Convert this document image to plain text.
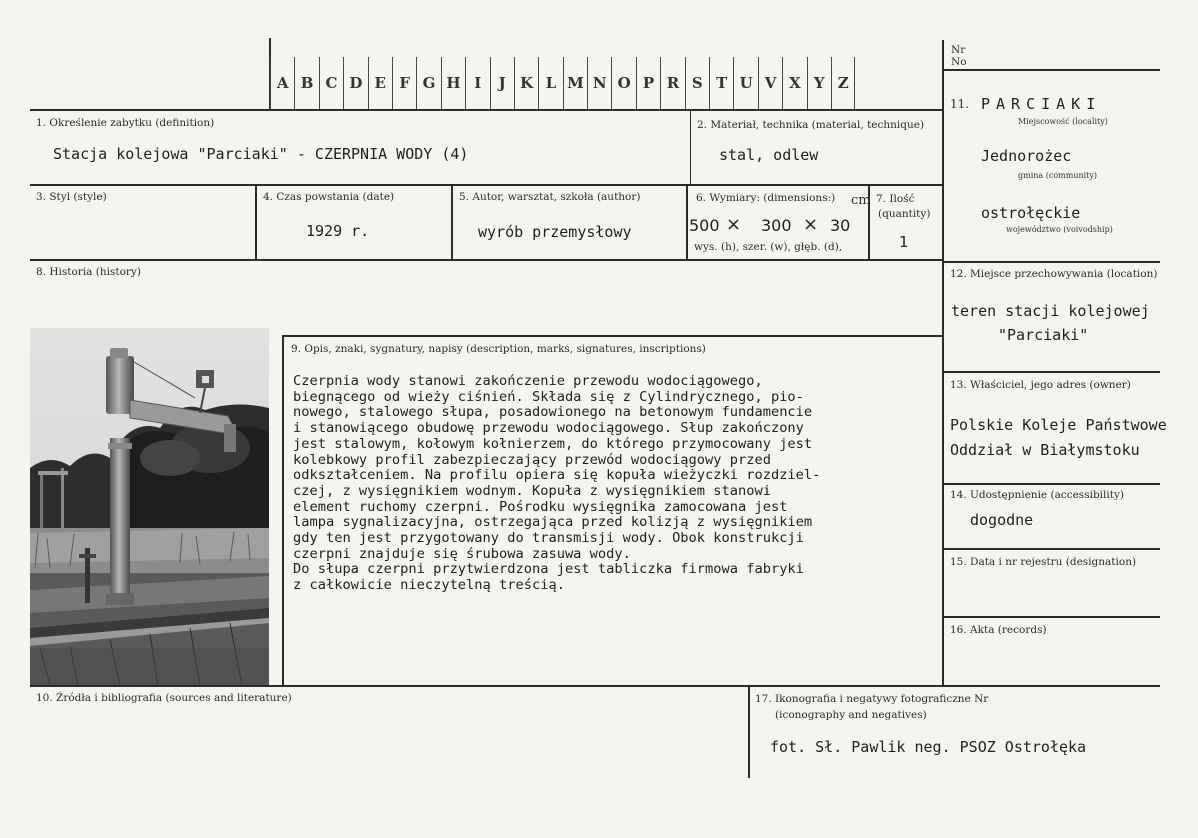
A B C D E F G H I	J K L M N O P R S T U V X Y Z
Nr
No
1. Określenie zabytku (definition)
Stacja kolejowa "Parciaki" - CZERPNIA WODY (4)
2. Materiał, technika (material, technique)
stal, odlew
3. Styl (style)	4. Czas powstania (date)
1929 r.
5. Autor, warsztat, szkoła (author)
wyrób przemysłowy
6. Wymiary: (dimensions:) cm
500 × 300 × 30
wys. (h), szer. (w), głęb. (d),
7. Ilość
(quantity)
1
8. Historia (history)
9. Opis, znaki, sygnatury, napisy (description, marks, signatures, inscriptions)
Czerpnia wody stanowi zakończenie przewodu wodociągowego,
biegnącego od wieży ciśnień. Składa się z Cylindrycznego, pio-
nowego, stalowego słupa, posadowionego na betonowym fundamencie
i stanowiącego obudowę przewodu wodociągowego. Słup zakończony
jest stalowym, kołowym kołnierzem, do którego przymocowany jest
kolebkowy profil zabezpieczający przewód wodociągowy przed
odkształceniem. Na profilu opiera się kopuła wieżyczki rozdziel-
czej, z wysięgnikiem wodnym. Kopuła z wysięgnikiem stanowi
element ruchomy czerpni. Pośrodku wysięgnika zamocowana jest
lampa sygnalizacyjna, ostrzegająca przed kolizją z wysięgnikiem
gdy ten jest przygotowany do transmisji wody. Obok konstrukcji
czerpni znajduje się śrubowa zasuwa wody.
Do słupa czerpni przytwierdzona jest tabliczka firmowa fabryki
z całkowicie nieczytelną treścią.
10. Źródła i bibliografia (sources and literature)
11. PARCIAKI
Miejscowość (locality)
Jednorożec
gmina (community)
ostrołęckie
województwo (voivodship)
12. Miejsce przechowywania (location)
teren stacji kolejowej
"Parciaki"
13. Właściciel, jego adres (owner)
Polskie Koleje Państwowe
Oddział w Białymstoku
14. Udostępnienie (accessibility)
dogodne
15. Data i nr rejestru (designation)
16. Akta (records)
17. Ikonografia i negatywy fotograficzne Nr
(iconography and negatives)
fot. Sł. Pawlik neg. PSOZ Ostrołęka
